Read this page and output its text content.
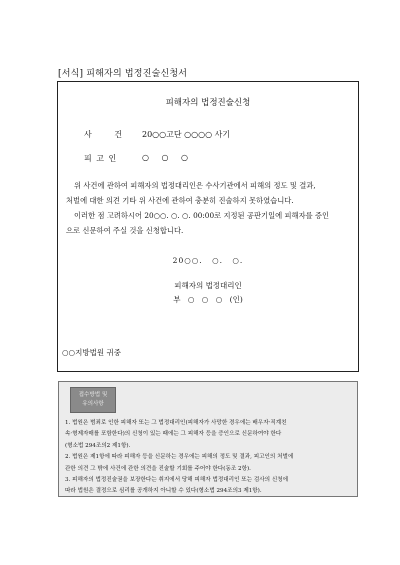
[서식] 피해자의 법정진술신청서
피해자의 법정진술신청
사 건 20○○고단 ○○○○ 사기
피 고 인	○ ○ ○

위 사건에 관하여 피해자의 법정대리인은 수사기관에서 피해의 정도 및 결과,

처벌에 대한 의견 기타 위 사건에 관하여 충분히 진술하지 못하였습니다.

이러한 점 고려하시어 20○○. ○. ○. 00:00로 지정된 공판기일에 피해자를 증인

으로 신문하여 주실 것을 신청합니다.

20○○. ○. ○.
피해자의 법정대리인
부 ○ ○ ○ (인)
○○지방법원 귀중
접수방법 및
유의사항

1. 법원은 범죄로 인한 피해자 또는 그 법정대리인(피해자가 사망한 경우에는 배우자·직계친

속·형제자매를 포함한다)의 신청이 있는 때에는 그 피해자 등을 증인으로 신문하여야 한다

(형소법 294조의2 제1항).

2. 법원은 제1항에 따라 피해자 등을 신문하는 경우에는 피해의 정도 및 결과, 피고인의 처벌에

관한 의견 그 밖에 사건에 관한 의견을 진술할 기회를 주어야 한다(동조 2항).

3. 피해자의 법정진술권을 보장한다는 취지에서 당해 피해자 법정대리인 또는 검사의 신청에

따라 법원은 결정으로 심리를 공개하지 아니할 수 있다(형소법 294조의3 제1항).
